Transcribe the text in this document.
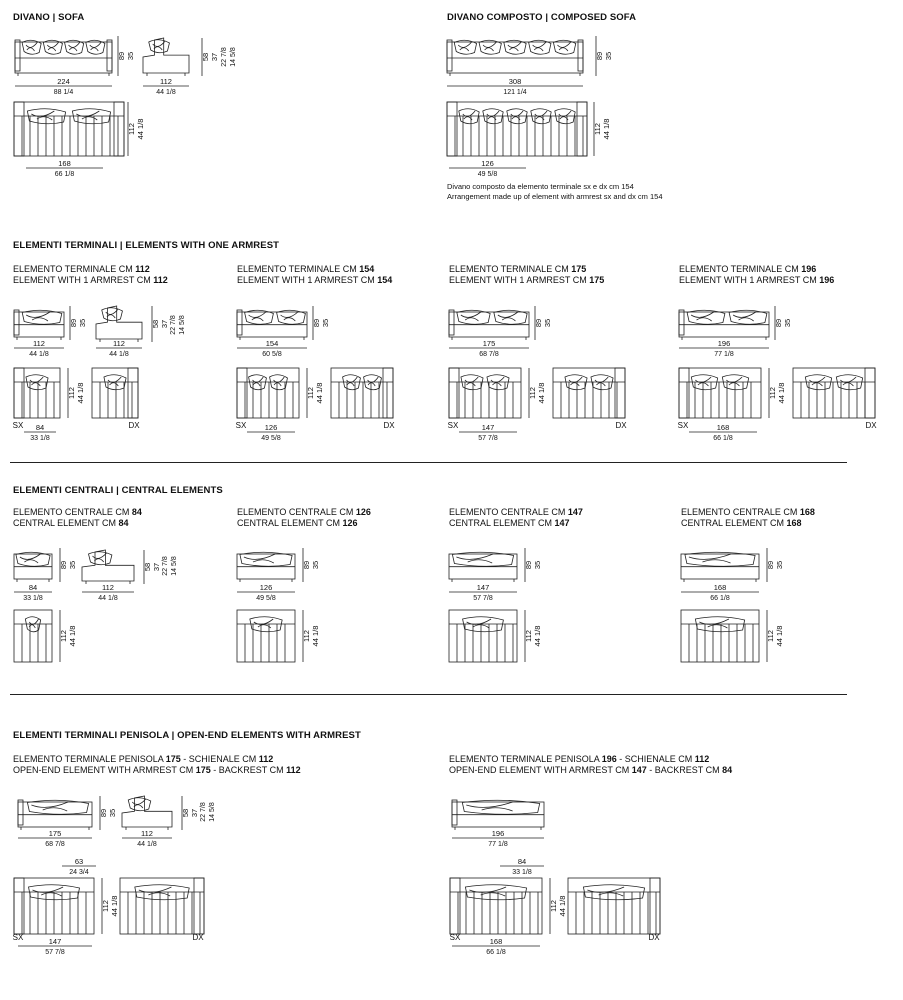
DIVANO | SOFA	DIVANO COMPOSTO | COMPOSED SOFA
ELEMENTI TERMINALI | ELEMENTS WITH ONE ARMREST
ELEMENTI CENTRALI | CENTRAL ELEMENTS
ELEMENTI TERMINALI PENISOLA | OPEN-END ELEMENTS WITH ARMREST
Divano composto da elemento terminale sx e dx cm 154
Arrangement made up of element with armrest sx and dx cm 154
ELEMENTO TERMINALE CM 112
ELEMENT WITH 1 ARMREST CM 112
ELEMENTO TERMINALE CM 154
ELEMENT WITH 1 ARMREST CM 154
ELEMENTO TERMINALE CM 175
ELEMENT WITH 1 ARMREST CM 175
ELEMENTO TERMINALE CM 196
ELEMENT WITH 1 ARMREST CM 196
ELEMENTO CENTRALE CM 84
CENTRAL ELEMENT CM 84
ELEMENTO CENTRALE CM 126
CENTRAL ELEMENT CM 126
ELEMENTO CENTRALE CM 147
CENTRAL ELEMENT CM 147
ELEMENTO CENTRALE CM 168
CENTRAL ELEMENT CM 168
ELEMENTO TERMINALE PENISOLA 175 - SCHIENALE CM 112
OPEN-END ELEMENT WITH ARMREST CM 175 - BACKREST CM 112
ELEMENTO TERMINALE PENISOLA 196 - SCHIENALE CM 112
OPEN-END ELEMENT WITH ARMREST CM 147 - BACKREST CM 84
89 35
224
88 1/4
58 37 22 7/8 14 5/8
112
44 1/8
112 44 1/8
168
66 1/8
89 35
308
121 1/4
112 44 1/8
126
49 5/8
89 35
112
44 1/8
112 44 1/8
SX	DX
84
33 1/8
89 35
154
60 5/8
112 44 1/8
SX	DX
126
49 5/8
89 35
175
68 7/8
112 44 1/8
SX	DX
147
57 7/8
89 35
196
77 1/8
112 44 1/8
SX	DX
168
66 1/8
58 37 22 7/8 14 5/8
112
44 1/8
89 35
84
33 1/8
112 44 1/8
89 35
126
49 5/8
112 44 1/8
89 35
147
57 7/8
112 44 1/8
89 35
168
66 1/8
112 44 1/8
58 37 22 7/8 14 5/8
112
44 1/8
89 35
175
68 7/8
58 37 22 7/8 14 5/8
112
44 1/8
63
24 3/4
112 44 1/8
SX	DX
147
57 7/8
196
77 1/8
84
33 1/8
112 44 1/8
SX	DX
168
66 1/8
